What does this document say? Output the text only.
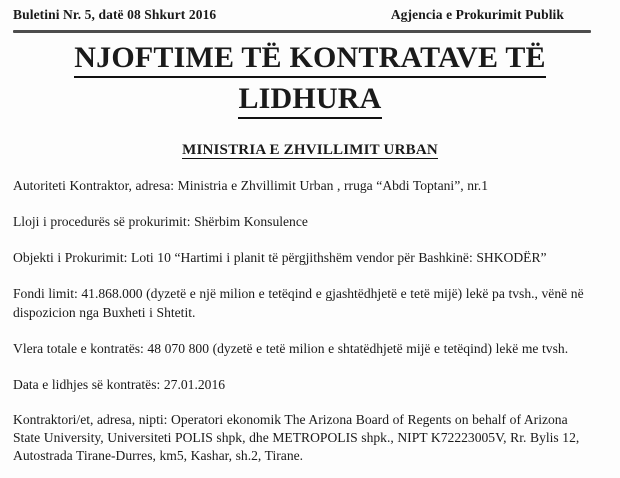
Buletini Nr. 5, datë 08 Shkurt 2016	Agjencia e Prokurimit Publik
NJOFTIME TË KONTRATAVE TË
LIDHURA
MINISTRIA E ZHVILLIMIT URBAN

Autoriteti Kontraktor, adresa: Ministria e Zhvillimit Urban , rruga “Abdi Toptani”, nr.1

Lloji i procedurës së prokurimit: Shërbim Konsulence

Objekti i Prokurimit: Loti 10 “Hartimi i planit të përgjithshëm vendor për Bashkinë: SHKODËR”

Fondi limit: 41.868.000 (dyzetë e një milion e tetëqind e gjashtëdhjetë e tetë mijë) lekë pa tvsh., vënë në dispozicion nga Buxheti i Shtetit.

Vlera totale e kontratës: 48 070 800 (dyzetë e tetë milion e shtatëdhjetë mijë e tetëqind) lekë me tvsh.

Data e lidhjes së kontratës: 27.01.2016

Kontraktori/et, adresa, nipti: Operatori ekonomik The Arizona Board of Regents on behalf of Arizona State University, Universiteti POLIS shpk, dhe METROPOLIS shpk., NIPT K72223005V, Rr. Bylis 12, Autostrada Tirane-Durres, km5, Kashar, sh.2, Tirane.
